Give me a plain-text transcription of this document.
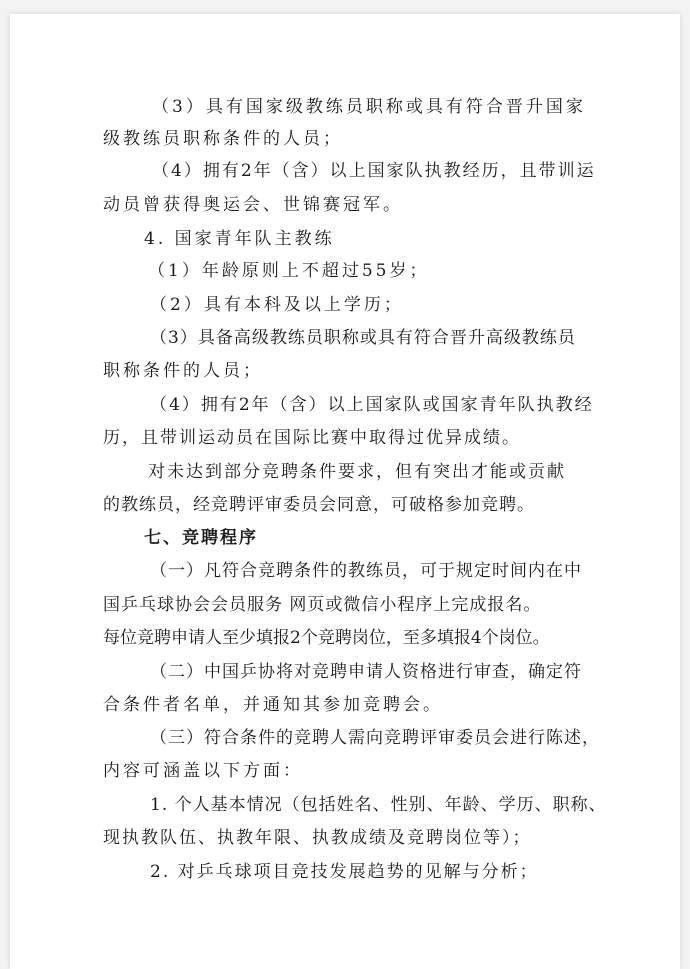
（3）具有国家级教练员职称或具有符合晋升国家
级教练员职称条件的人员；
（4）拥有2年（含）以上国家队执教经历，且带训运
动员曾获得奥运会、世锦赛冠军。
4. 国家青年队主教练
（1）年龄原则上不超过55岁；
（2）具有本科及以上学历；
（3）具备高级教练员职称或具有符合晋升高级教练员
职称条件的人员；
（4）拥有2年（含）以上国家队或国家青年队执教经
历，且带训运动员在国际比赛中取得过优异成绩。
对未达到部分竞聘条件要求，但有突出才能或贡献
的教练员，经竞聘评审委员会同意，可破格参加竞聘。
七、竞聘程序
（一）凡符合竞聘条件的教练员，可于规定时间内在中
国乒乓球协会会员服务 网页或微信小程序上完成报名。
每位竞聘申请人至少填报2个竞聘岗位，至多填报4个岗位。
（二）中国乒协将对竞聘申请人资格进行审查，确定符
合条件者名单，并通知其参加竞聘会。
（三）符合条件的竞聘人需向竞聘评审委员会进行陈述，
内容可涵盖以下方面：
1. 个人基本情况（包括姓名、性别、年龄、学历、职称、
现执教队伍、执教年限、执教成绩及竞聘岗位等）；
2. 对乒乓球项目竞技发展趋势的见解与分析；
